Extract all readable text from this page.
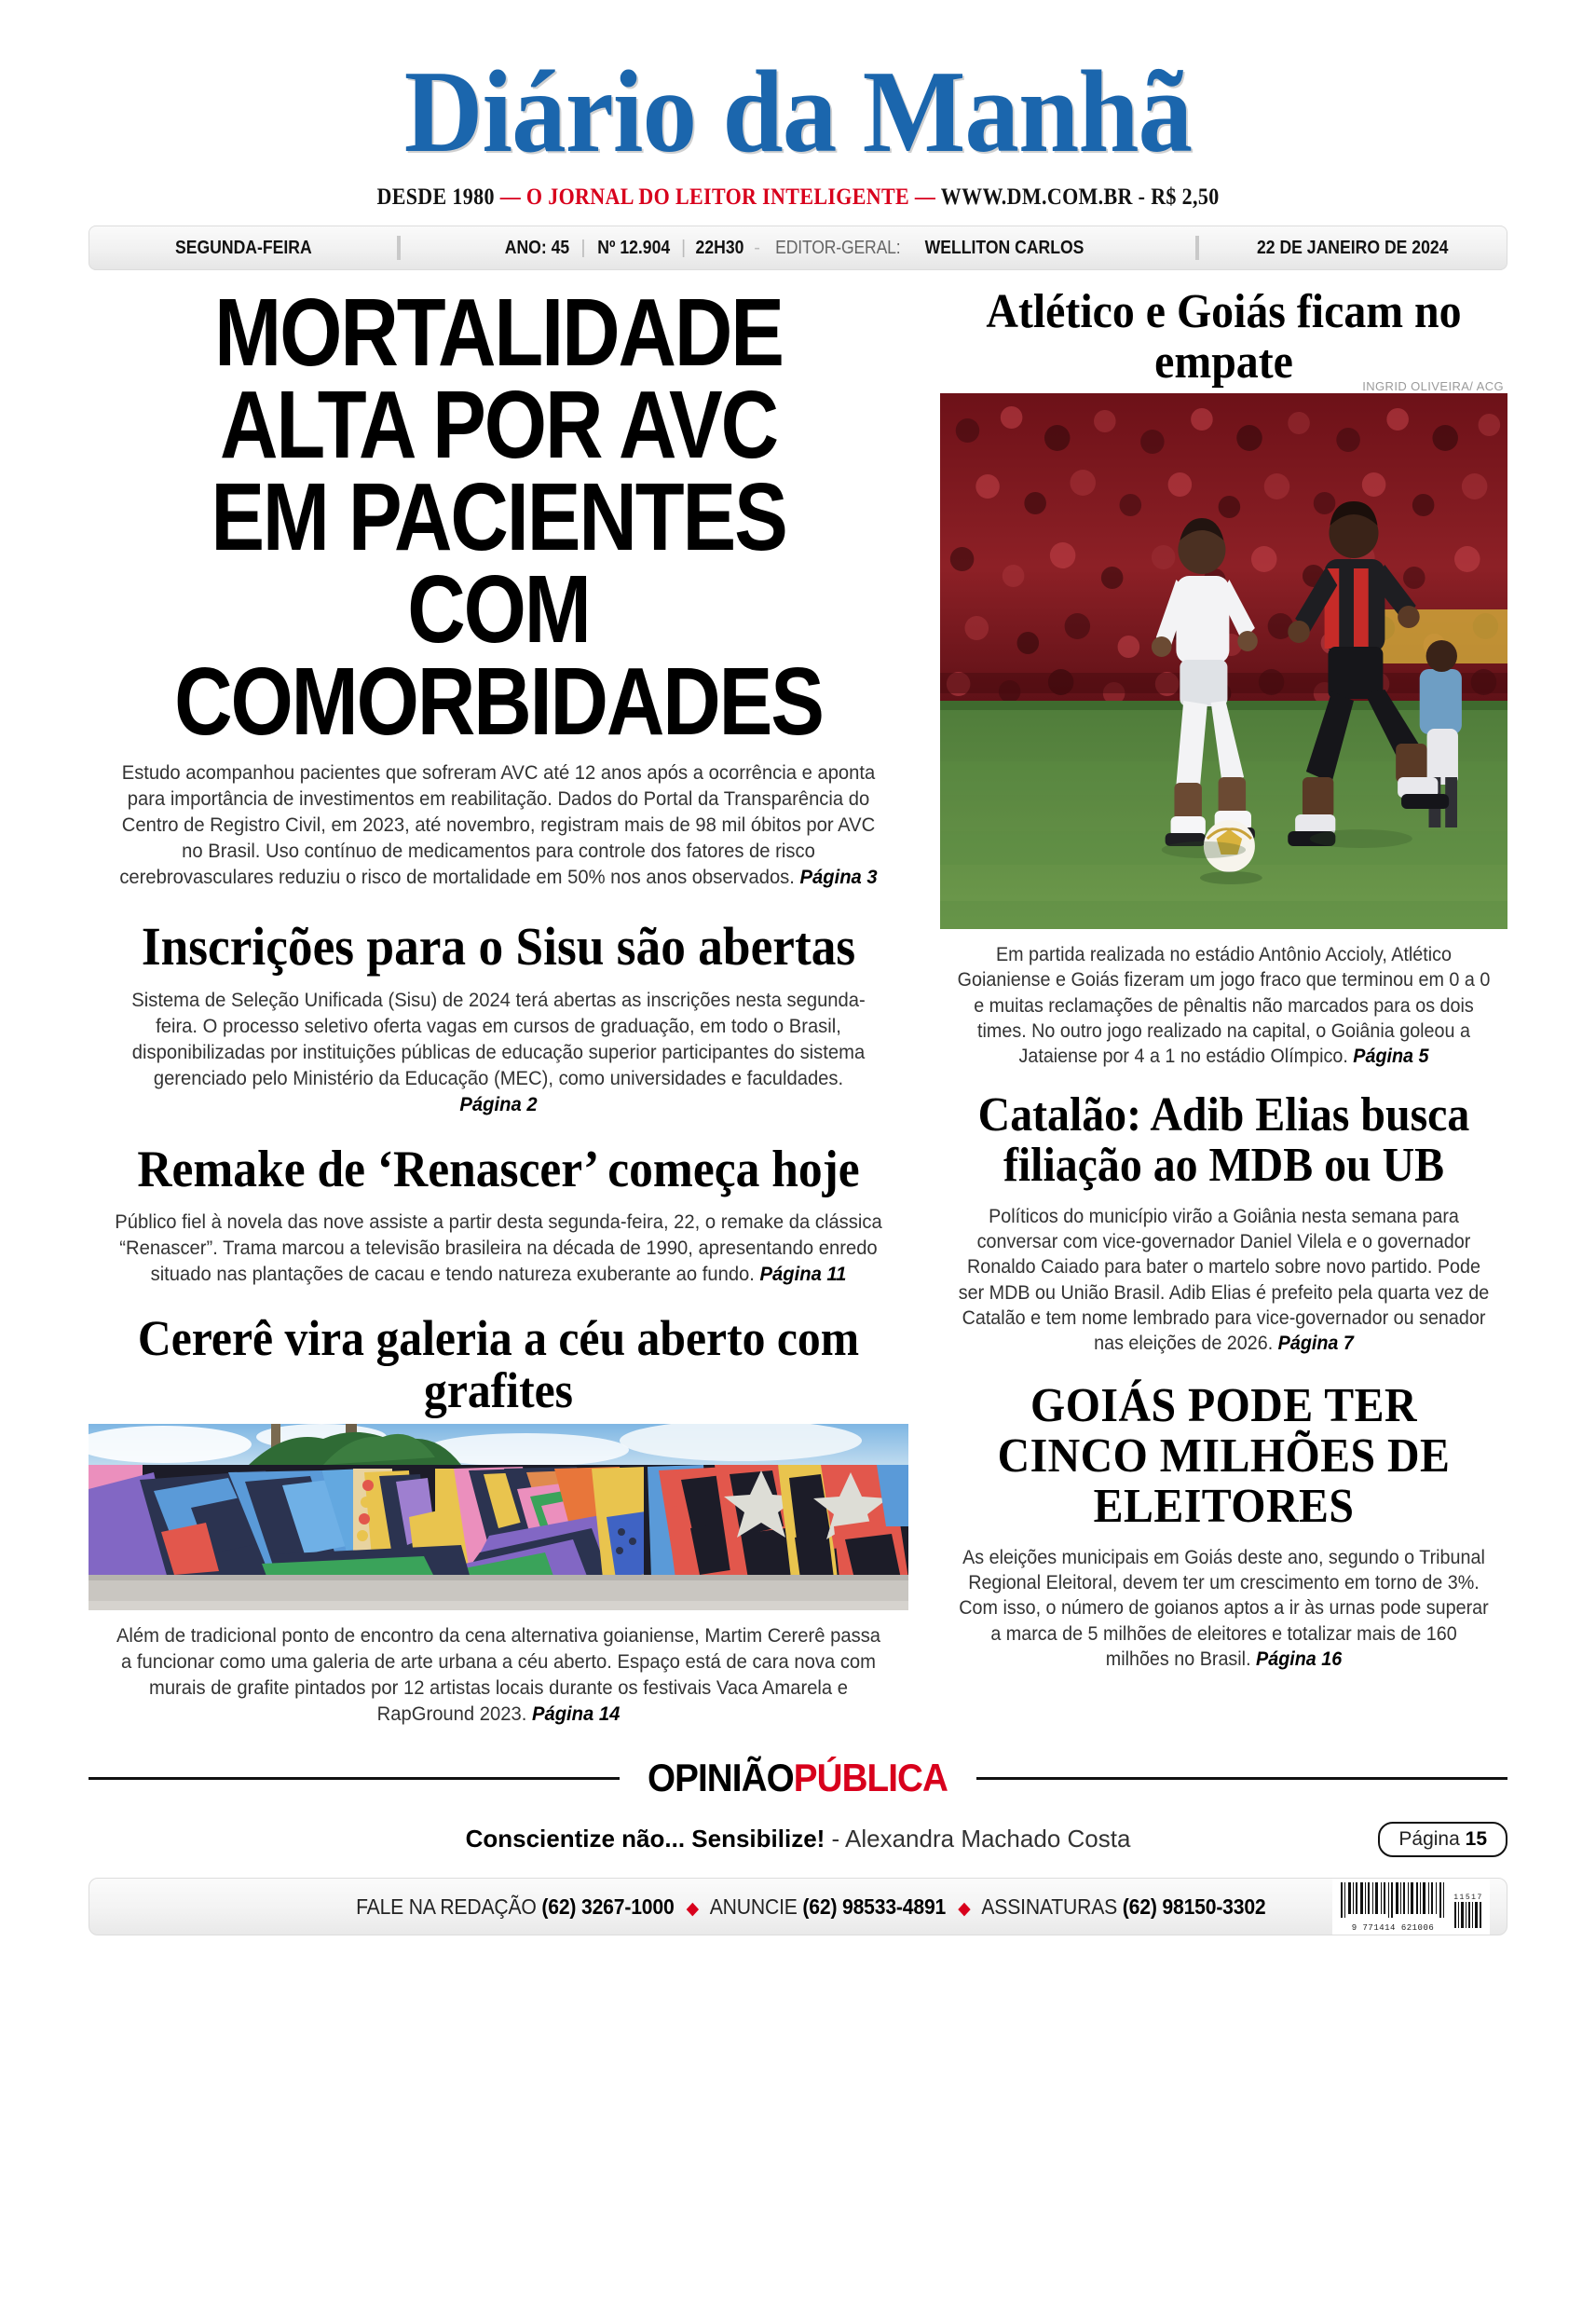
Diário da Manhã
DESDE 1980 — O JORNAL DO LEITOR INTELIGENTE — WWW.DM.COM.BR - R$ 2,50
SEGUNDA-FEIRA	ANO: 45 | Nº 12.904 | 22H30 - EDITOR-GERAL: WELLITON CARLOS	22 DE JANEIRO DE 2024
MORTALIDADE ALTA POR AVC EM PACIENTES COM COMORBIDADES
Estudo acompanhou pacientes que sofreram AVC até 12 anos após a ocorrência e aponta para importância de investimentos em reabilitação. Dados do Portal da Transparência do Centro de Registro Civil, em 2023, até novembro, registram mais de 98 mil óbitos por AVC no Brasil. Uso contínuo de medicamentos para controle dos fatores de risco cerebrovasculares reduziu o risco de mortalidade em 50% nos anos observados. Página 3
Inscrições para o Sisu são abertas
Sistema de Seleção Unificada (Sisu) de 2024 terá abertas as inscrições nesta segunda-feira. O processo seletivo oferta vagas em cursos de graduação, em todo o Brasil, disponibilizadas por instituições públicas de educação superior participantes do sistema gerenciado pelo Ministério da Educação (MEC), como universidades e faculdades. Página 2
Remake de ‘Renascer’ começa hoje
Público fiel à novela das nove assiste a partir desta segunda-feira, 22, o remake da clássica “Renascer”. Trama marcou a televisão brasileira na década de 1990, apresentando enredo situado nas plantações de cacau e tendo natureza exuberante ao fundo. Página 11
Cererê vira galeria a céu aberto com grafites
Além de tradicional ponto de encontro da cena alternativa goianiense, Martim Cererê passa a funcionar como uma galeria de arte urbana a céu aberto. Espaço está de cara nova com murais de grafite pintados por 12 artistas locais durante os festivais Vaca Amarela e RapGround 2023. Página 14
Atlético e Goiás ficam no empate	INGRID OLIVEIRA/ ACG
Em partida realizada no estádio Antônio Accioly, Atlético Goianiense e Goiás fizeram um jogo fraco que terminou em 0 a 0 e muitas reclamações de pênaltis não marcados para os dois times. No outro jogo realizado na capital, o Goiânia goleou a Jataiense por 4 a 1 no estádio Olímpico. Página 5
Catalão: Adib Elias busca filiação ao MDB ou UB
Políticos do município virão a Goiânia nesta semana para conversar com vice-governador Daniel Vilela e o governador Ronaldo Caiado para bater o martelo sobre novo partido. Pode ser MDB ou União Brasil. Adib Elias é prefeito pela quarta vez de Catalão e tem nome lembrado para vice-governador ou senador nas eleições de 2026. Página 7
GOIÁS PODE TER CINCO MILHÕES DE ELEITORES
As eleições municipais em Goiás deste ano, segundo o Tribunal Regional Eleitoral, devem ter um crescimento em torno de 3%. Com isso, o número de goianos aptos a ir às urnas pode superar a marca de 5 milhões de eleitores e totalizar mais de 160 milhões no Brasil. Página 16
OPINIÃOPÚBLICA
Conscientize não... Sensibilize! - Alexandra Machado Costa	Página 15
FALE NA REDAÇÃO (62) 3267-1000 ◆ ANUNCIE (62) 98533-4891 ◆ ASSINATURAS (62) 98150-3302
9 771414 621006
11517
